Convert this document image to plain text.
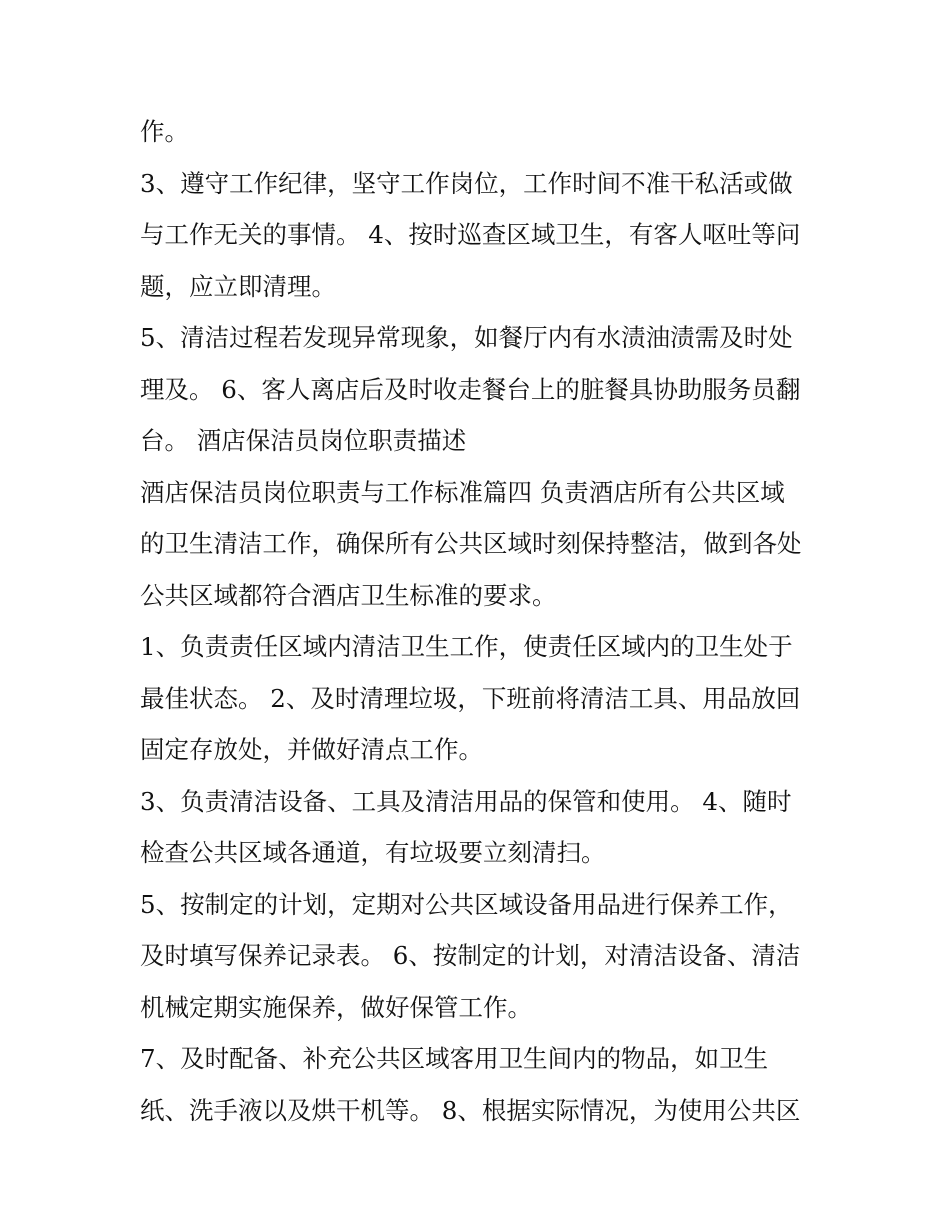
作。
3、遵守工作纪律，坚守工作岗位，工作时间不准干私活或做
与工作无关的事情。 4、按时巡查区域卫生，有客人呕吐等问
题，应立即清理。
5、清洁过程若发现异常现象，如餐厅内有水渍油渍需及时处
理及。 6、客人离店后及时收走餐台上的脏餐具协助服务员翻
台。 酒店保洁员岗位职责描述
酒店保洁员岗位职责与工作标准篇四 负责酒店所有公共区域
的卫生清洁工作，确保所有公共区域时刻保持整洁，做到各处
公共区域都符合酒店卫生标准的要求。
1、负责责任区域内清洁卫生工作，使责任区域内的卫生处于
最佳状态。 2、及时清理垃圾，下班前将清洁工具、用品放回
固定存放处，并做好清点工作。
3、负责清洁设备、工具及清洁用品的保管和使用。 4、随时
检查公共区域各通道，有垃圾要立刻清扫。
5、按制定的计划，定期对公共区域设备用品进行保养工作，
及时填写保养记录表。 6、按制定的计划，对清洁设备、清洁
机械定期实施保养，做好保管工作。
7、及时配备、补充公共区域客用卫生间内的物品，如卫生
纸、洗手液以及烘干机等。 8、根据实际情况，为使用公共区
